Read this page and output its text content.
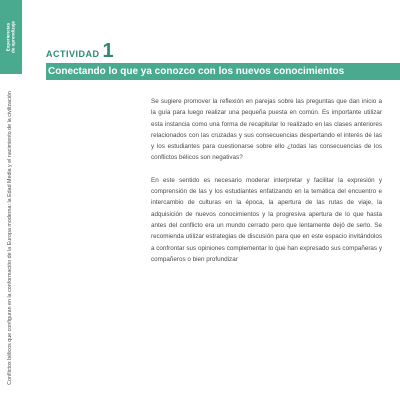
Experiencias
de aprendizaje
Conflictos bélicos que configuran en la conformación de la Europa moderna: la Edad Media y el nacimiento de la civilización
ACTIVIDAD 1
Conectando lo que ya conozco con los nuevos conocimientos

Se sugiere promover la reflexión en parejas sobre las preguntas que dan inicio a la guía para luego realizar una pequeña puesta en común. Es importante utilizar esta instancia como una forma de recapitular lo realizado en las clases anteriores relacionados con las cruzadas y sus consecuencias despertando el interés de las y los estudiantes para cuestionarse sobre ello ¿todas las consecuencias de los conflictos bélicos son negativas?

En este sentido es necesario moderar interpretar y facilitar la expresión y comprensión de las y los estudiantes enfatizando en la temática del encuentro e intercambio de culturas en la época, la apertura de las rutas de viaje, la adquisición de nuevos conocimientos y la progresiva apertura de lo que hasta antes del conflicto era un mundo cerrado pero que lentamente dejó de serlo. Se recomienda utilizar estrategias de discusión para que en este espacio invitándolos a confrontar sus opiniones complementar lo que han expresado sus compañeras y compañeros o bien profundizar
